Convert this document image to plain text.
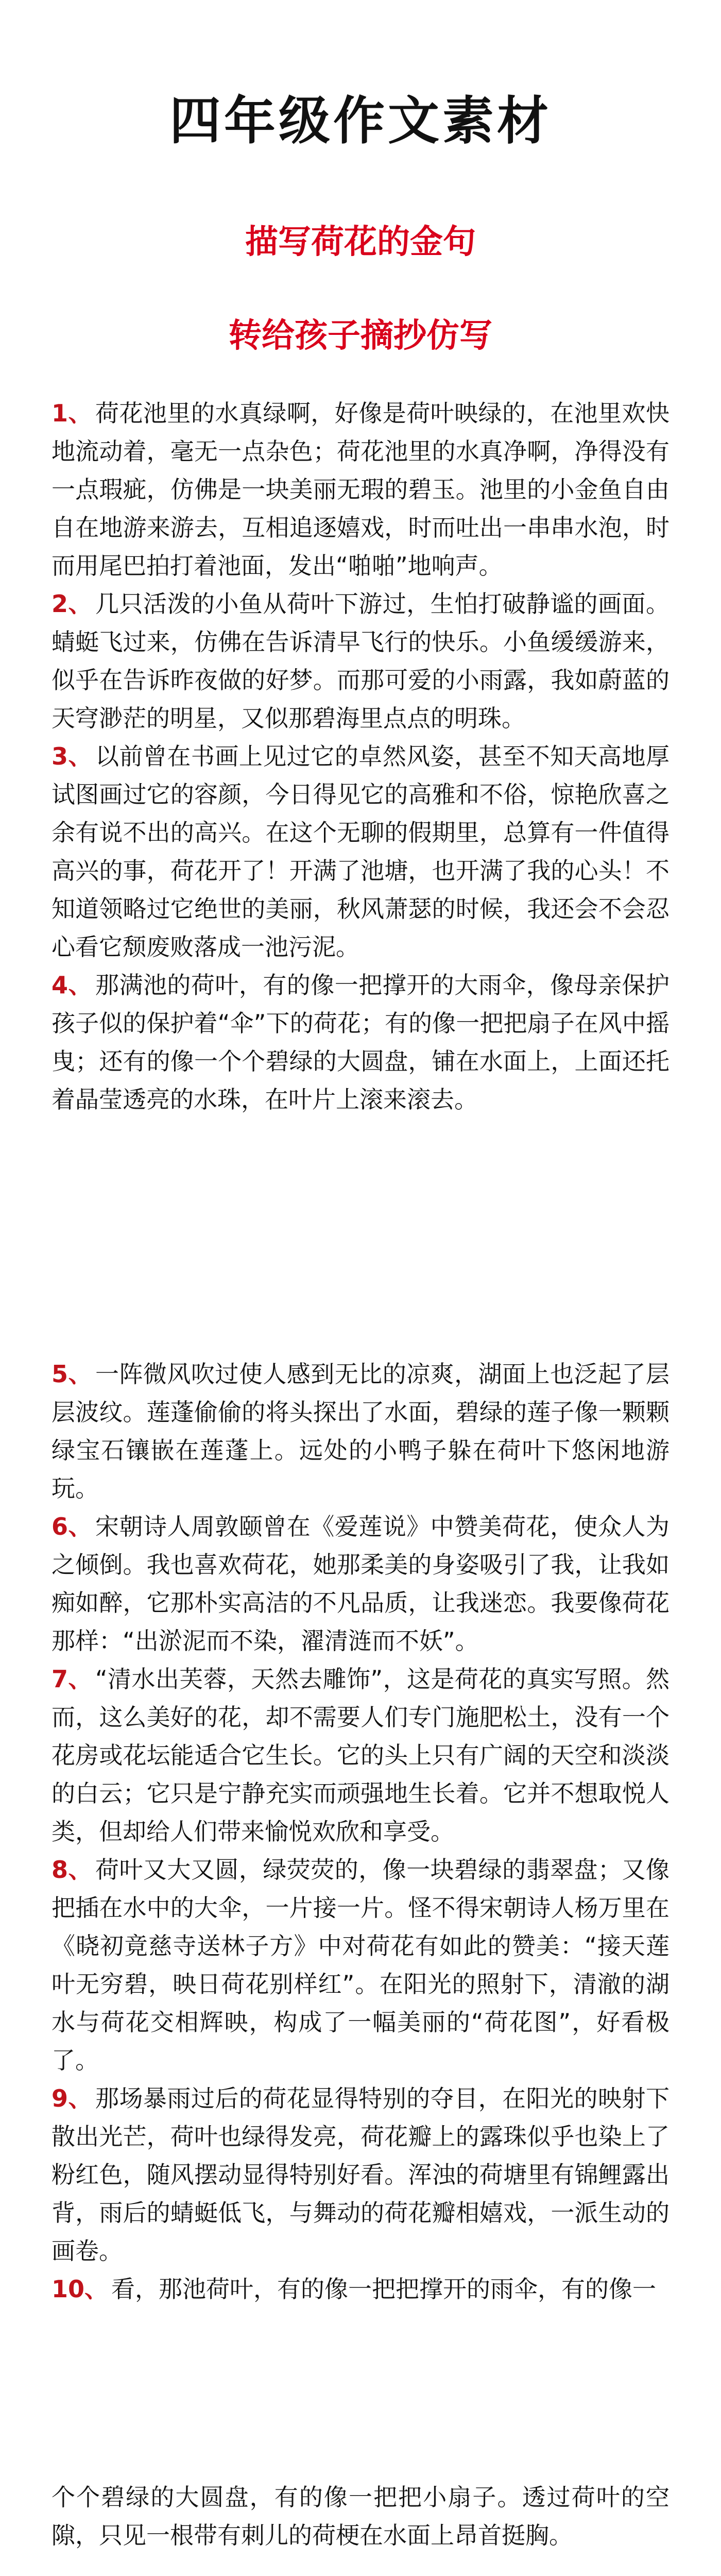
四年级作文素材
描写荷花的金句
转给孩子摘抄仿写

1、 荷花池里的水真绿啊，好像是荷叶映绿的，在池里欢快地流动着，毫无一点杂色；荷花池里的水真净啊，净得没有一点瑕疵，仿佛是一块美丽无瑕的碧玉。池里的小金鱼自由自在地游来游去，互相追逐嬉戏，时而吐出一串串水泡，时而用尾巴拍打着池面，发出“啪啪”地响声。

2、 几只活泼的小鱼从荷叶下游过，生怕打破静谧的画面。蜻蜓飞过来，仿佛在告诉清早飞行的快乐。小鱼缓缓游来，似乎在告诉昨夜做的好梦。而那可爱的小雨露，我如蔚蓝的天穹渺茫的明星，又似那碧海里点点的明珠。

3、 以前曾在书画上见过它的卓然风姿，甚至不知天高地厚试图画过它的容颜，今日得见它的高雅和不俗，惊艳欣喜之余有说不出的高兴。在这个无聊的假期里，总算有一件值得高兴的事，荷花开了！开满了池塘，也开满了我的心头！不知道领略过它绝世的美丽，秋风萧瑟的时候，我还会不会忍心看它颓废败落成一池污泥。

4、 那满池的荷叶，有的像一把撑开的大雨伞，像母亲保护孩子似的保护着“伞”下的荷花；有的像一把把扇子在风中摇曳；还有的像一个个碧绿的大圆盘，铺在水面上，上面还托着晶莹透亮的水珠，在叶片上滚来滚去。

5、 一阵微风吹过使人感到无比的凉爽，湖面上也泛起了层层波纹。莲蓬偷偷的将头探出了水面，碧绿的莲子像一颗颗绿宝石镶嵌在莲蓬上。远处的小鸭子躲在荷叶下悠闲地游玩。

6、 宋朝诗人周敦颐曾在《爱莲说》中赞美荷花，使众人为之倾倒。我也喜欢荷花，她那柔美的身姿吸引了我，让我如痴如醉，它那朴实高洁的不凡品质，让我迷恋。我要像荷花那样：“出淤泥而不染，濯清涟而不妖”。

7、 “清水出芙蓉，天然去雕饰”，这是荷花的真实写照。然而，这么美好的花，却不需要人们专门施肥松土，没有一个花房或花坛能适合它生长。它的头上只有广阔的天空和淡淡的白云；它只是宁静充实而顽强地生长着。它并不想取悦人类，但却给人们带来愉悦欢欣和享受。

8、 荷叶又大又圆，绿荧荧的，像一块碧绿的翡翠盘；又像把插在水中的大伞，一片接一片。怪不得宋朝诗人杨万里在《晓初竟慈寺送林子方》中对荷花有如此的赞美：“接天莲叶无穷碧，映日荷花别样红”。在阳光的照射下，清澈的湖水与荷花交相辉映，构成了一幅美丽的“荷花图”，好看极了。

9、 那场暴雨过后的荷花显得特别的夺目，在阳光的映射下散出光芒，荷叶也绿得发亮，荷花瓣上的露珠似乎也染上了粉红色，随风摆动显得特别好看。浑浊的荷塘里有锦鲤露出背，雨后的蜻蜓低飞，与舞动的荷花瓣相嬉戏，一派生动的画卷。

10、 看，那池荷叶，有的像一把把撑开的雨伞，有的像一

个个碧绿的大圆盘，有的像一把把小扇子。透过荷叶的空隙，只见一根带有刺儿的荷梗在水面上昂首挺胸。
